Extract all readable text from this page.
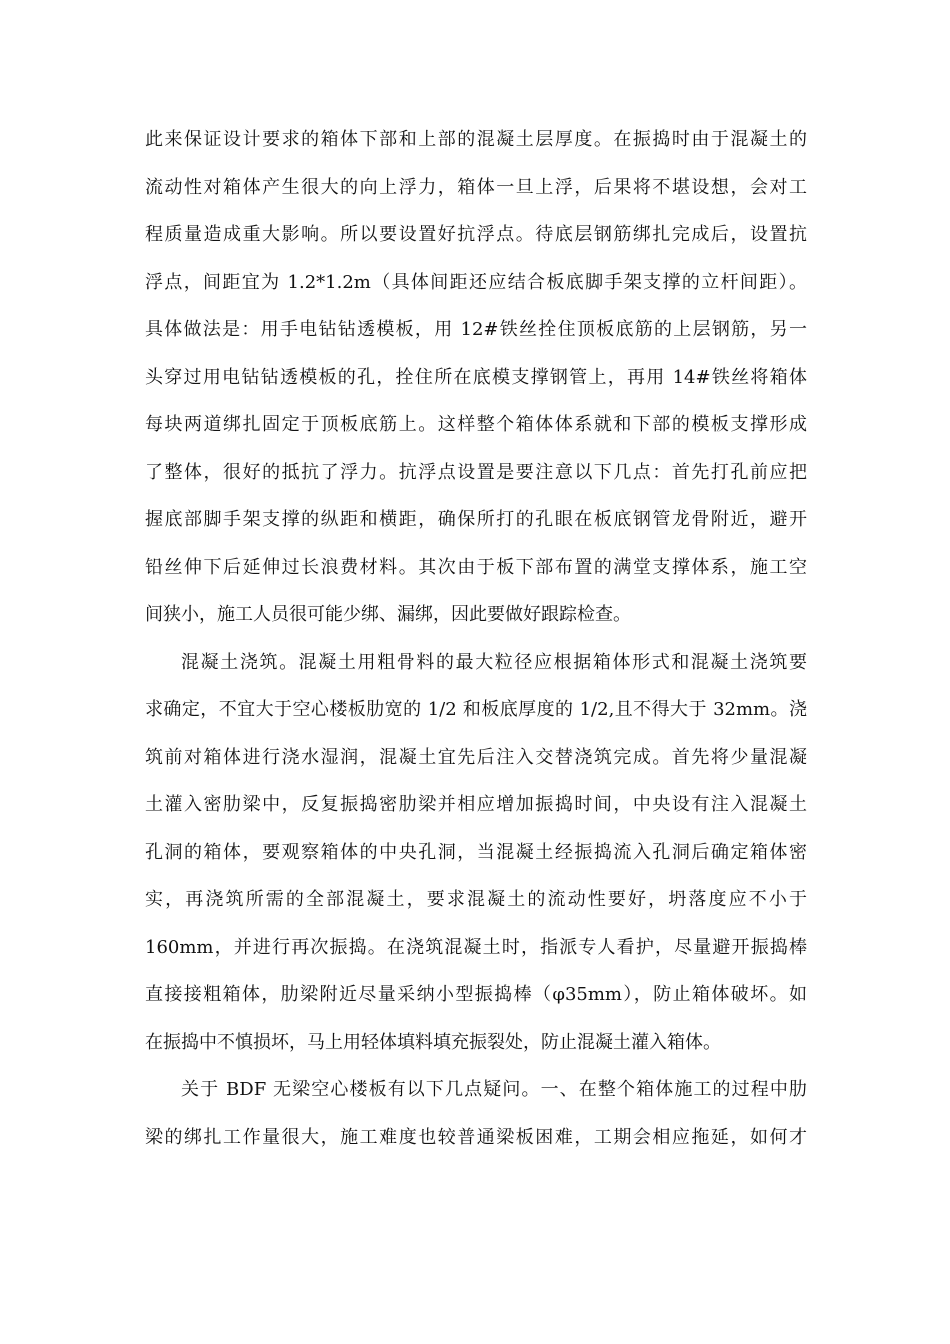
此来保证设计要求的箱体下部和上部的混凝土层厚度。在振捣时由于混凝土的
流动性对箱体产生很大的向上浮力，箱体一旦上浮，后果将不堪设想，会对工
程质量造成重大影响。所以要设置好抗浮点。待底层钢筋绑扎完成后，设置抗
浮点，间距宜为 1.2*1.2m（具体间距还应结合板底脚手架支撑的立杆间距）。
具体做法是：用手电钻钻透模板，用 12#铁丝拴住顶板底筋的上层钢筋，另一
头穿过用电钻钻透模板的孔，拴住所在底模支撑钢管上，再用 14#铁丝将箱体
每块两道绑扎固定于顶板底筋上。这样整个箱体体系就和下部的模板支撑形成
了整体，很好的抵抗了浮力。抗浮点设置是要注意以下几点：首先打孔前应把
握底部脚手架支撑的纵距和横距，确保所打的孔眼在板底钢管龙骨附近，避开
铅丝伸下后延伸过长浪费材料。其次由于板下部布置的满堂支撑体系，施工空
间狭小，施工人员很可能少绑、漏绑，因此要做好跟踪检查。
混凝土浇筑。混凝土用粗骨料的最大粒径应根据箱体形式和混凝土浇筑要
求确定，不宜大于空心楼板肋宽的 1/2 和板底厚度的 1/2,且不得大于 32mm。浇
筑前对箱体进行浇水湿润，混凝土宜先后注入交替浇筑完成。首先将少量混凝
土灌入密肋梁中，反复振捣密肋梁并相应增加振捣时间，中央设有注入混凝土
孔洞的箱体，要观察箱体的中央孔洞，当混凝土经振捣流入孔洞后确定箱体密
实，再浇筑所需的全部混凝土，要求混凝土的流动性要好，坍落度应不小于
160mm，并进行再次振捣。在浇筑混凝土时，指派专人看护，尽量避开振捣棒
直接接粗箱体，肋梁附近尽量采纳小型振捣棒（φ35mm），防止箱体破坏。如
在振捣中不慎损坏，马上用轻体填料填充振裂处，防止混凝土灌入箱体。
关于 BDF 无梁空心楼板有以下几点疑问。一、在整个箱体施工的过程中肋
梁的绑扎工作量很大，施工难度也较普通梁板困难，工期会相应拖延，如何才
